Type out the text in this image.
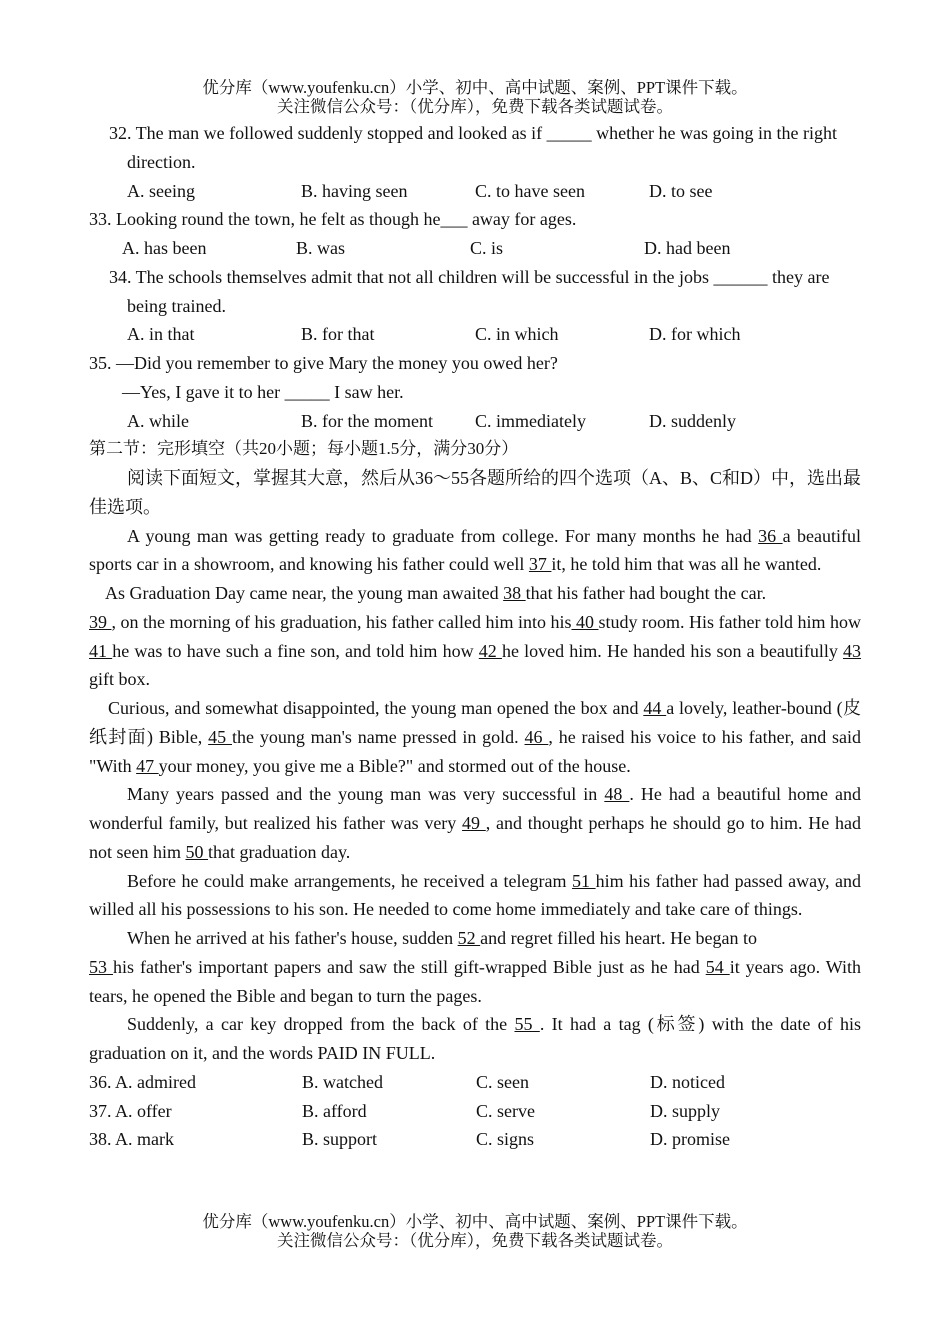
优分库（www.youfenku.cn）小学、初中、高中试题、案例、PPT课件下载。
关注微信公众号：（优分库），免费下载各类试题试卷。
32. The man we followed suddenly stopped and looked as if _____ whether he was going in the right direction.
A. seeing	B. having seen	C. to have seen	D. to see
33. Looking round the town, he felt as though he___ away for ages.
A. has been	B. was	C. is	D. had been
34. The schools themselves admit that not all children will be successful in the jobs ______ they are being trained.
A. in that	B. for that	C. in which	D. for which
35. —Did you remember to give Mary the money you owed her?
—Yes, I gave it to her _____ I saw her.
A. while	B. for the moment	C. immediately	D. suddenly
第二节：完形填空（共20小题；每小题1.5分，满分30分）
阅读下面短文，掌握其大意，然后从36～55各题所给的四个选项（A、B、C和D）中，选出最佳选项。
A young man was getting ready to graduate from college. For many months he had 36 a beautiful sports car in a showroom, and knowing his father could well 37 it, he told him that was all he wanted.
As Graduation Day came near, the young man awaited 38 that his father had bought the car.
39 , on the morning of his graduation, his father called him into his 40 study room. His father told him how 41 he was to have such a fine son, and told him how 42 he loved him. He handed his son a beautifully 43 gift box.
Curious, and somewhat disappointed, the young man opened the box and 44 a lovely, leather-bound (皮纸封面) Bible, 45 the young man's name pressed in gold. 46 , he raised his voice to his father, and said "With 47 your money, you give me a Bible?" and stormed out of the house.
Many years passed and the young man was very successful in 48 . He had a beautiful home and wonderful family, but realized his father was very 49 , and thought perhaps he should go to him. He had not seen him 50 that graduation day.
Before he could make arrangements, he received a telegram 51 him his father had passed away, and willed all his possessions to his son. He needed to come home immediately and take care of things.
When he arrived at his father's house, sudden 52 and regret filled his heart. He began to
53 his father's important papers and saw the still gift-wrapped Bible just as he had 54 it years ago. With tears, he opened the Bible and began to turn the pages.
Suddenly, a car key dropped from the back of the 55 . It had a tag (标签) with the date of his graduation on it, and the words PAID IN FULL.
36. A. admired	B. watched	C. seen	D. noticed
37. A. offer	B. afford	C. serve	D. supply
38. A. mark	B. support	C. signs	D. promise
优分库（www.youfenku.cn）小学、初中、高中试题、案例、PPT课件下载。
关注微信公众号：（优分库），免费下载各类试题试卷。
